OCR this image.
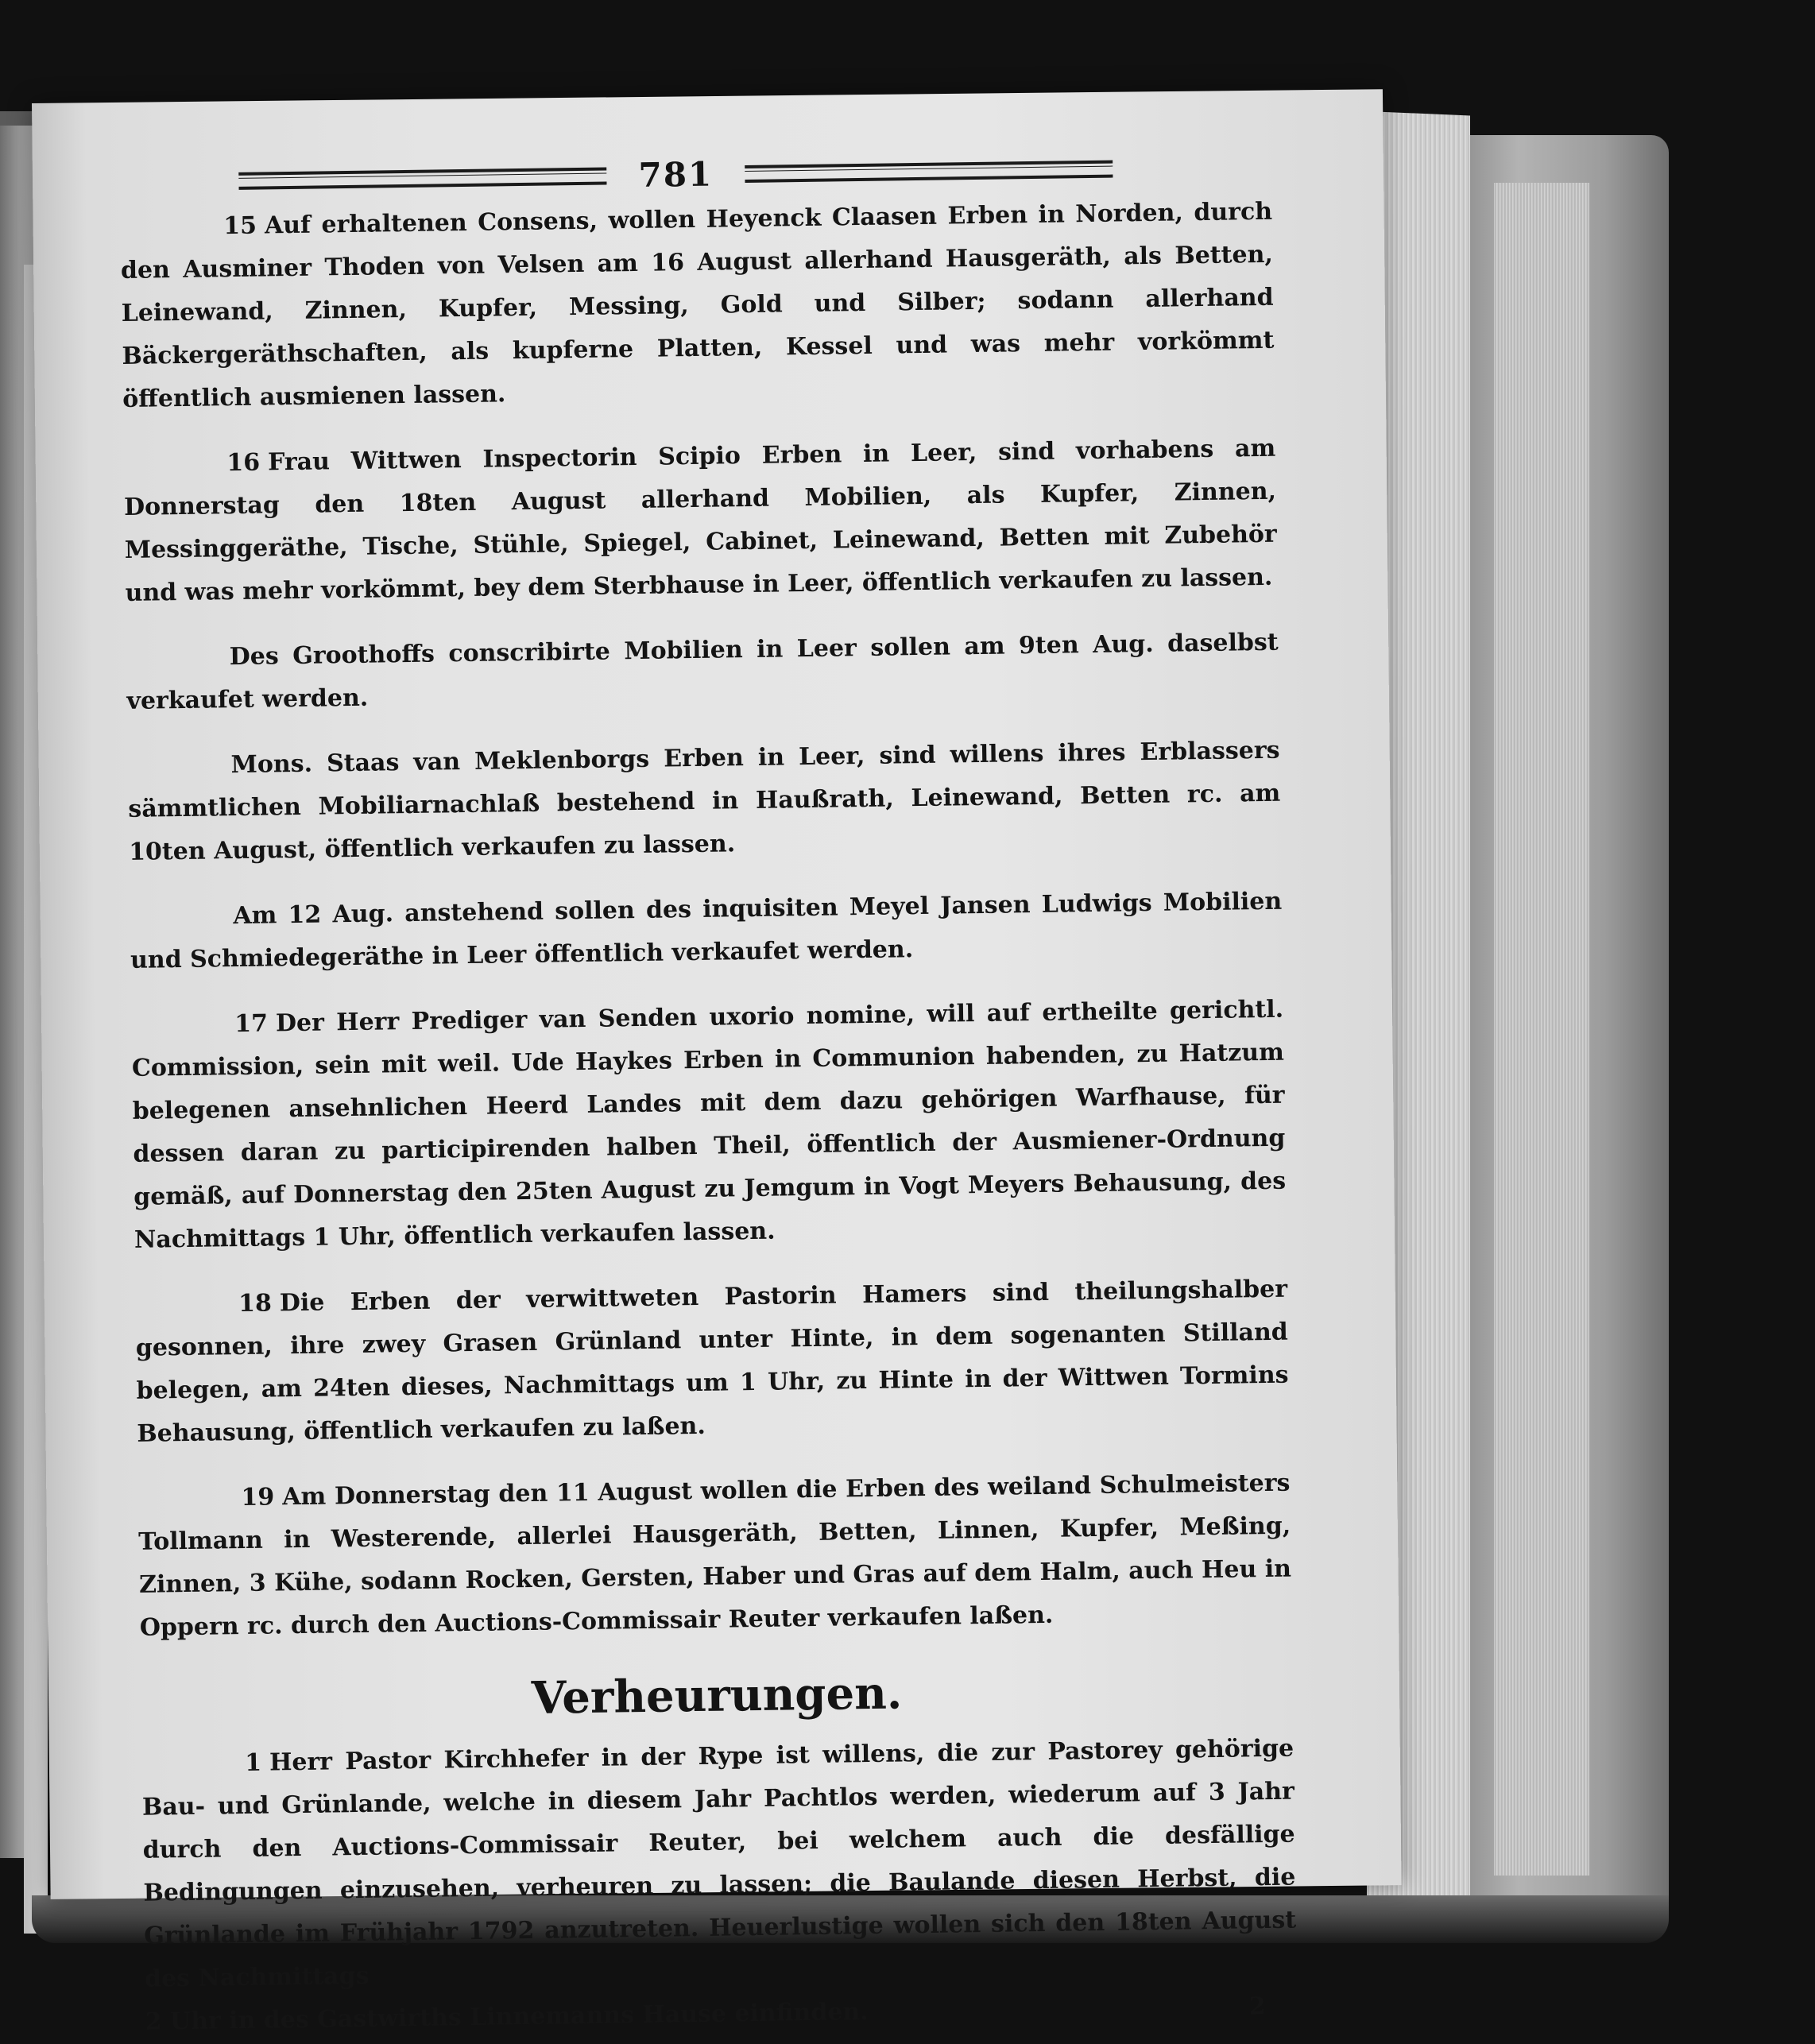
781

15 Auf erhaltenen Consens, wollen Heyenck Claasen Erben in Norden, durch den Ausminer Thoden von Velsen am 16 August allerhand Hausgeräth, als Betten, Leinewand, Zinnen, Kupfer, Messing, Gold und Silber; sodann allerhand Bäckergeräthschaften, als kupferne Platten, Kessel und was mehr vorkömmt öffentlich ausmienen lassen.

16 Frau Wittwen Inspectorin Scipio Erben in Leer, sind vorhabens am Donnerstag den 18ten August allerhand Mobilien, als Kupfer, Zinnen, Messinggeräthe, Tische, Stühle, Spiegel, Cabinet, Leinewand, Betten mit Zubehör und was mehr vorkömmt, bey dem Sterbhause in Leer, öffentlich verkaufen zu lassen.

Des Groothoffs conscribirte Mobilien in Leer sollen am 9ten Aug. daselbst verkaufet werden.

Mons. Staas van Meklenborgs Erben in Leer, sind willens ihres Erblassers sämmtlichen Mobiliarnachlaß bestehend in Haußrath, Leinewand, Betten rc. am 10ten August, öffentlich verkaufen zu lassen.

Am 12 Aug. anstehend sollen des inquisiten Meyel Jansen Ludwigs Mobilien und Schmiedegeräthe in Leer öffentlich verkaufet werden.

17 Der Herr Prediger van Senden uxorio nomine, will auf ertheilte gerichtl. Commission, sein mit weil. Ude Haykes Erben in Communion habenden, zu Hatzum belegenen ansehnlichen Heerd Landes mit dem dazu gehörigen Warfhause, für dessen daran zu participirenden halben Theil, öffentlich der Ausmiener-Ordnung gemäß, auf Donnerstag den 25ten August zu Jemgum in Vogt Meyers Behausung, des Nachmittags 1 Uhr, öffentlich verkaufen lassen.

18 Die Erben der verwittweten Pastorin Hamers sind theilungshalber gesonnen, ihre zwey Grasen Grünland unter Hinte, in dem sogenanten Stilland belegen, am 24ten dieses, Nachmittags um 1 Uhr, zu Hinte in der Wittwen Tormins Behausung, öffentlich verkaufen zu laßen.

19 Am Donnerstag den 11 August wollen die Erben des weiland Schulmeisters Tollmann in Westerende, allerlei Hausgeräth, Betten, Linnen, Kupfer, Meßing, Zinnen, 3 Kühe, sodann Rocken, Gersten, Haber und Gras auf dem Halm, auch Heu in Oppern rc. durch den Auctions-Commissair Reuter verkaufen laßen.

Verheurungen.

1 Herr Pastor Kirchhefer in der Rype ist willens, die zur Pastorey gehörige Bau- und Grünlande, welche in diesem Jahr Pachtlos werden, wiederum auf 3 Jahr durch den Auctions-Commissair Reuter, bei welchem auch die desfällige Bedingungen einzusehen, verheuren zu lassen; die Baulande diesen Herbst, die Grünlande im Frühjahr 1792 anzutreten. Heuerlustige wollen sich den 18ten August des Nachmittags

2 Uhr in des Gastwirths Linnemanns Hause einfinden.	2
